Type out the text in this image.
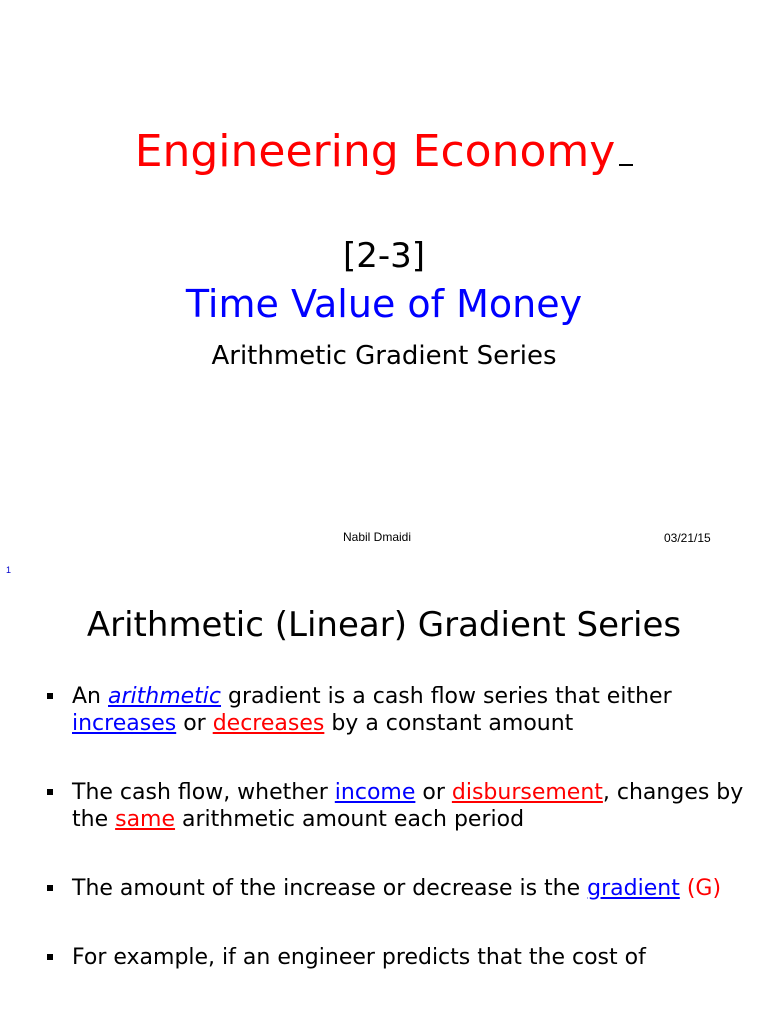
Engineering Economy
[2-3]
Time Value of Money
Arithmetic Gradient Series
Nabil Dmaidi	03/21/15
1
Arithmetic (Linear) Gradient Series
An arithmetic gradient is a cash flow series that either increases or decreases by a constant amount
The cash flow, whether income or disbursement, changes by the same arithmetic amount each period
The amount of the increase or decrease is the gradient (G)
For example, if an engineer predicts that the cost of
